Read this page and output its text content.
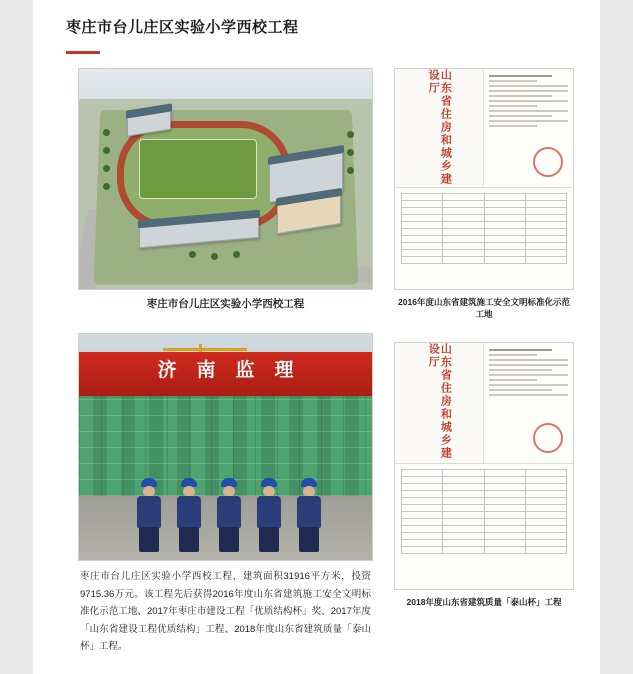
枣庄市台儿庄区实验小学西校工程
枣庄市台儿庄区实验小学西校工程
山东省住房和城乡建设厅

2016年度山东省建筑施工安全文明标准化示范工地
济南监理
枣庄市台儿庄区实验小学西校工程，建筑面积31916平方米，投资9715.36万元。该工程先后获得2016年度山东省建筑施工安全文明标准化示范工地、2017年枣庄市建设工程「优质结构杯」奖、2017年度「山东省建设工程优质结构」工程、2018年度山东省建筑质量「泰山杯」工程。
山东省住房和城乡建设厅

2018年度山东省建筑质量「泰山杯」工程
